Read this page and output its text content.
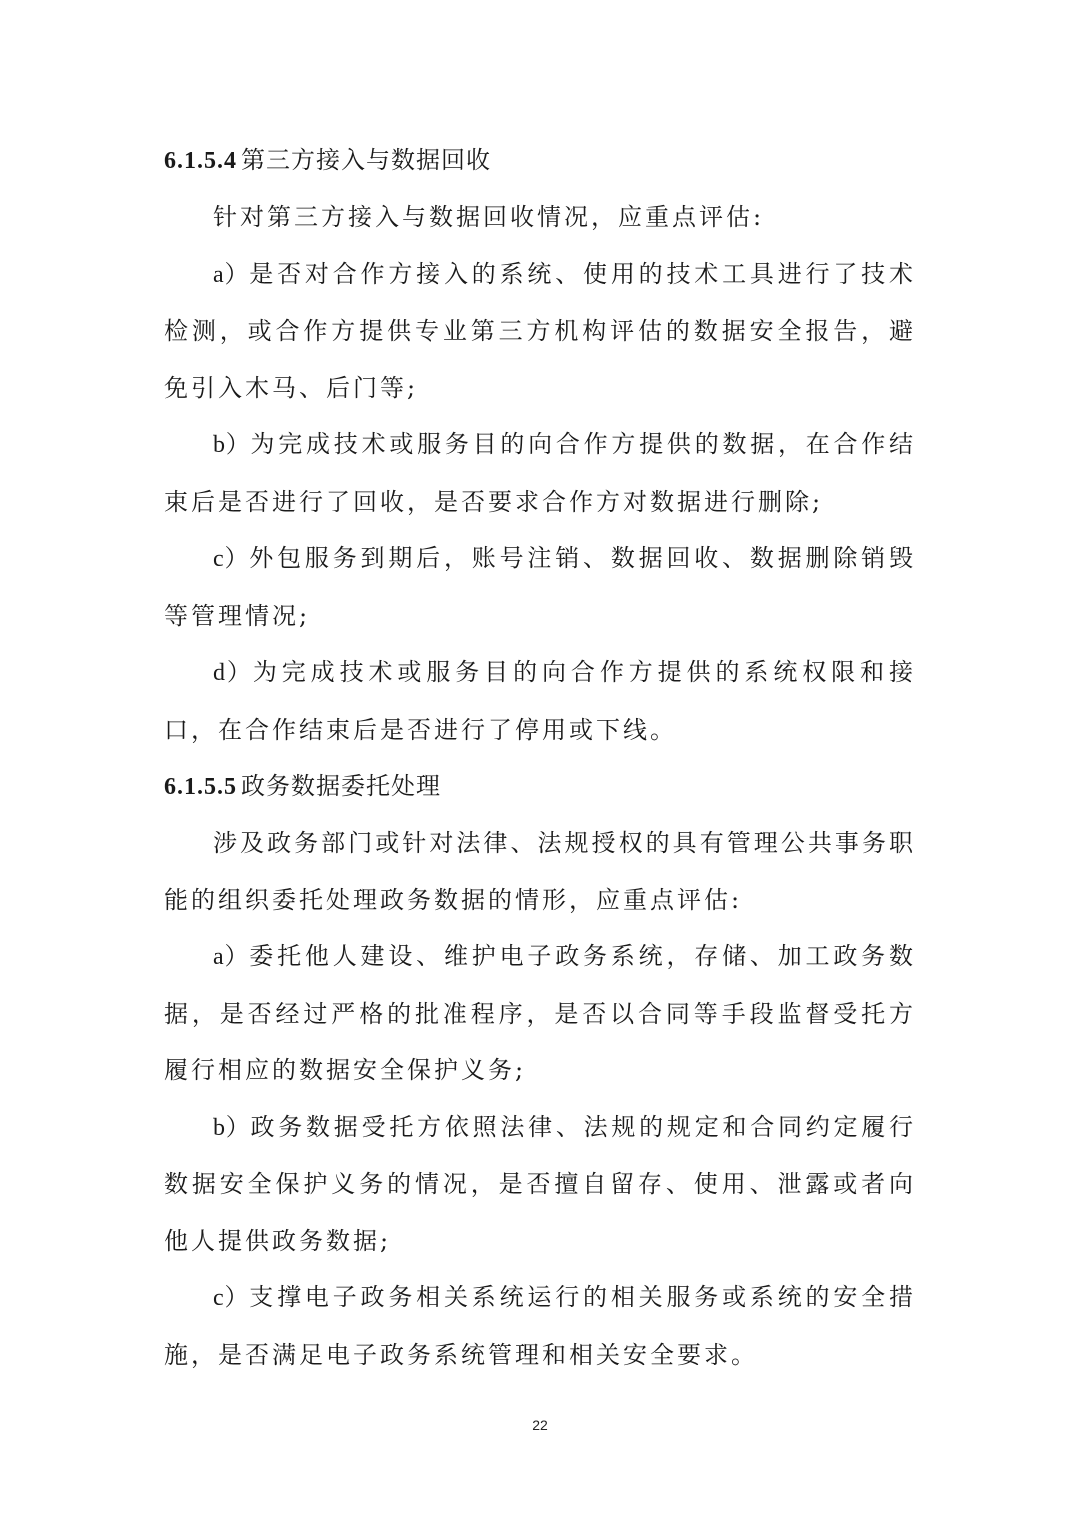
6.1.5.4 第三方接入与数据回收

针对第三方接入与数据回收情况，应重点评估:

a）是否对合作方接入的系统、使用的技术工具进行了技术检测，或合作方提供专业第三方机构评估的数据安全报告，避免引入木马、后门等;

b）为完成技术或服务目的向合作方提供的数据，在合作结束后是否进行了回收，是否要求合作方对数据进行删除;

c）外包服务到期后，账号注销、数据回收、数据删除销毁等管理情况;

d）为完成技术或服务目的向合作方提供的系统权限和接口，在合作结束后是否进行了停用或下线。

6.1.5.5 政务数据委托处理

涉及政务部门或针对法律、法规授权的具有管理公共事务职能的组织委托处理政务数据的情形，应重点评估:

a）委托他人建设、维护电子政务系统，存储、加工政务数据，是否经过严格的批准程序，是否以合同等手段监督受托方履行相应的数据安全保护义务;

b）政务数据受托方依照法律、法规的规定和合同约定履行数据安全保护义务的情况，是否擅自留存、使用、泄露或者向他人提供政务数据;

c）支撑电子政务相关系统运行的相关服务或系统的安全措施，是否满足电子政务系统管理和相关安全要求。

22
